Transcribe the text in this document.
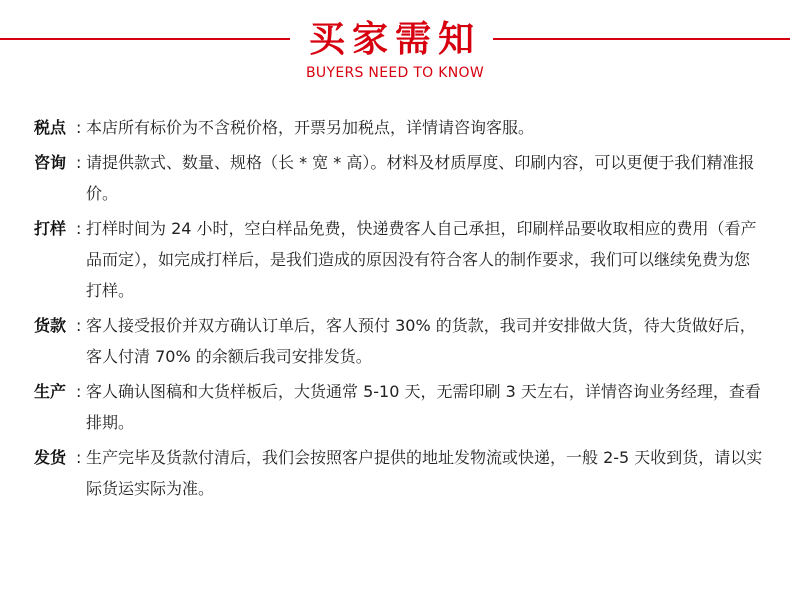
买家需知
BUYERS NEED TO KNOW
税点 : 本店所有标价为不含税价格，开票另加税点，详情请咨询客服。
咨询 : 请提供款式、数量、规格（长 * 宽 * 高）。材料及材质厚度、印刷内容，可以更便于我们精准报价。
打样 : 打样时间为 24 小时，空白样品免费，快递费客人自己承担，印刷样品要收取相应的费用（看产品而定），如完成打样后，是我们造成的原因没有符合客人的制作要求，我们可以继续免费为您打样。
货款 : 客人接受报价并双方确认订单后，客人预付 30% 的货款，我司并安排做大货，待大货做好后，客人付清 70% 的余额后我司安排发货。
生产 : 客人确认图稿和大货样板后，大货通常 5-10 天，无需印刷 3 天左右，详情咨询业务经理，查看排期。
发货 : 生产完毕及货款付清后，我们会按照客户提供的地址发物流或快递，一般 2-5 天收到货，请以实际货运实际为准。
